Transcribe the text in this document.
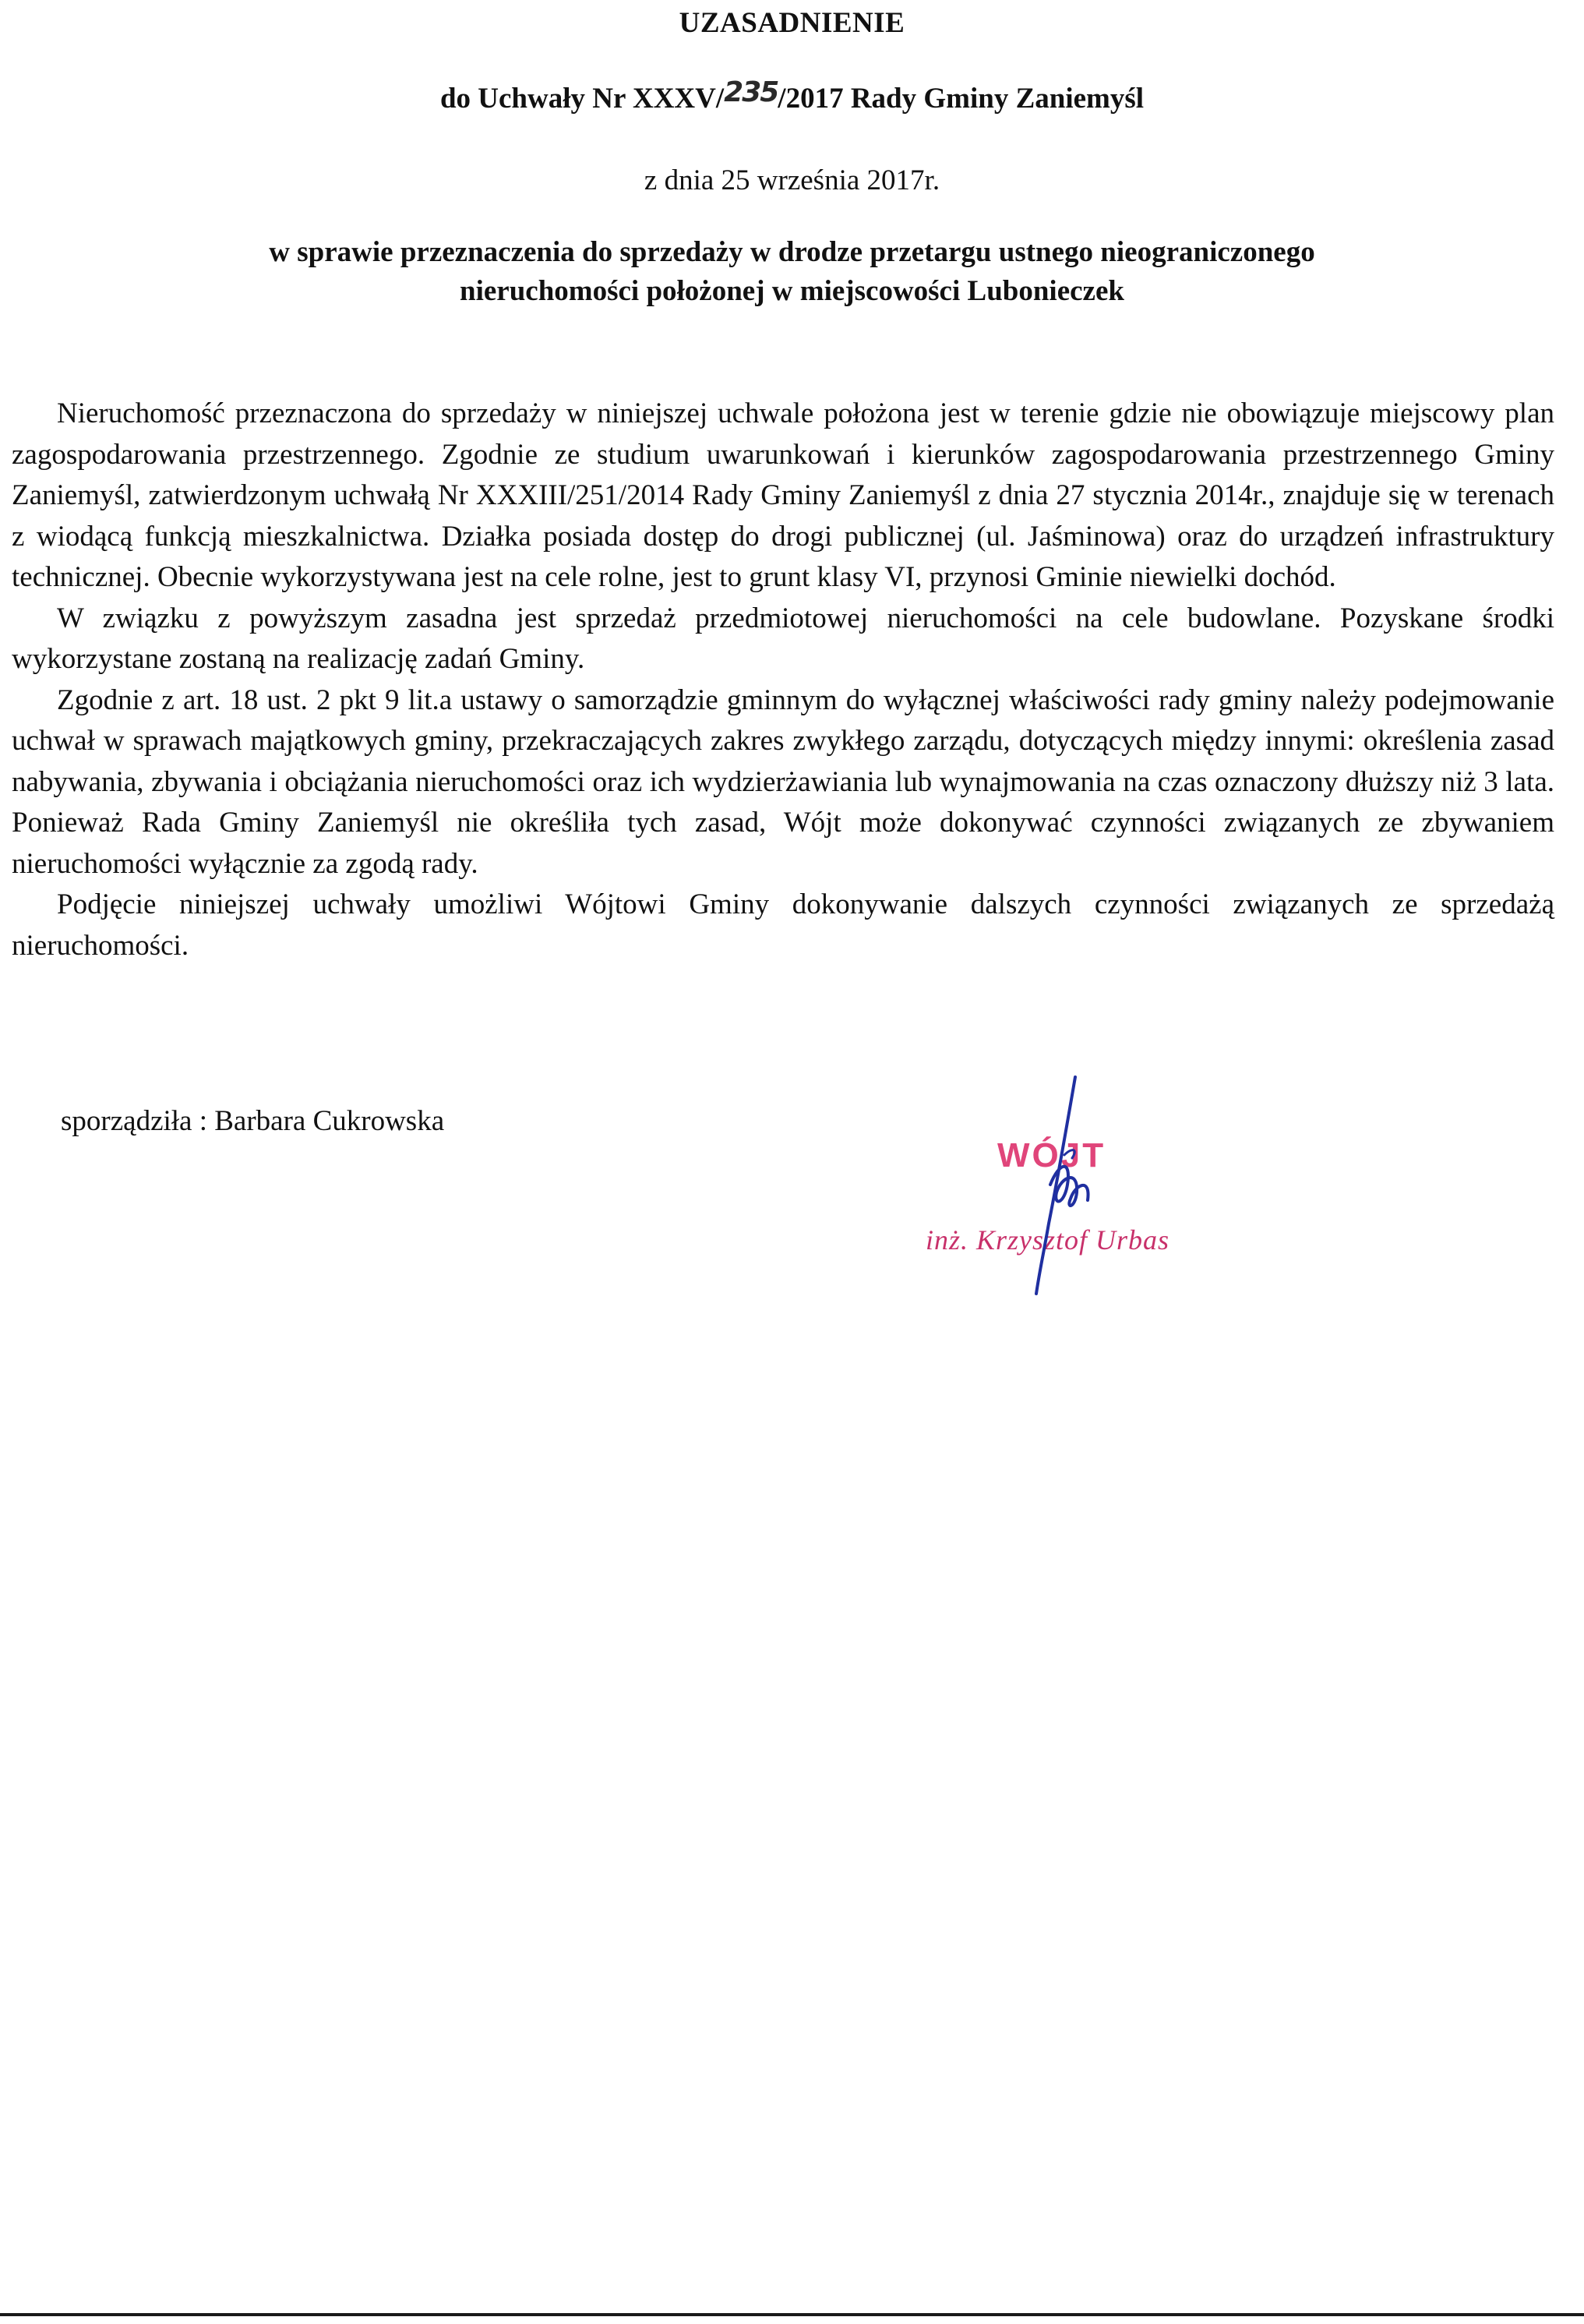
UZASADNIENIE
do Uchwały Nr XXXV/235/2017 Rady Gminy Zaniemyśl
z dnia 25 września 2017r.
w sprawie przeznaczenia do sprzedaży w drodze przetargu ustnego nieograniczonego
nieruchomości położonej w miejscowości Lubonieczek

Nieruchomość przeznaczona do sprzedaży w niniejszej uchwale położona jest w terenie gdzie nie obowiązuje miejscowy plan zagospodarowania przestrzennego. Zgodnie ze studium uwarunkowań i kierunków zagospodarowania przestrzennego Gminy Zaniemyśl, zatwierdzonym uchwałą Nr XXXIII/251/2014 Rady Gminy Zaniemyśl z dnia 27 stycznia 2014r., znajduje się w terenach z wiodącą funkcją mieszkalnictwa. Działka posiada dostęp do drogi publicznej (ul. Jaśminowa) oraz do urządzeń infrastruktury technicznej. Obecnie wykorzystywana jest na cele rolne, jest to grunt klasy VI, przynosi Gminie niewielki dochód.

W związku z powyższym zasadna jest sprzedaż przedmiotowej nieruchomości na cele budowlane. Pozyskane środki wykorzystane zostaną na realizację zadań Gminy.

Zgodnie z art. 18 ust. 2 pkt 9 lit.a ustawy o samorządzie gminnym do wyłącznej właściwości rady gminy należy podejmowanie uchwał w sprawach majątkowych gminy, przekraczających zakres zwykłego zarządu, dotyczących między innymi: określenia zasad nabywania, zbywania i obciążania nieruchomości oraz ich wydzierżawiania lub wynajmowania na czas oznaczony dłuższy niż 3 lata. Ponieważ Rada Gminy Zaniemyśl nie określiła tych zasad, Wójt może dokonywać czynności związanych ze zbywaniem nieruchomości wyłącznie za zgodą rady.

Podjęcie niniejszej uchwały umożliwi Wójtowi Gminy dokonywanie dalszych czynności związanych ze sprzedażą nieruchomości.

sporządziła : Barbara Cukrowska
WÓJT
inż. Krzysztof Urbas
